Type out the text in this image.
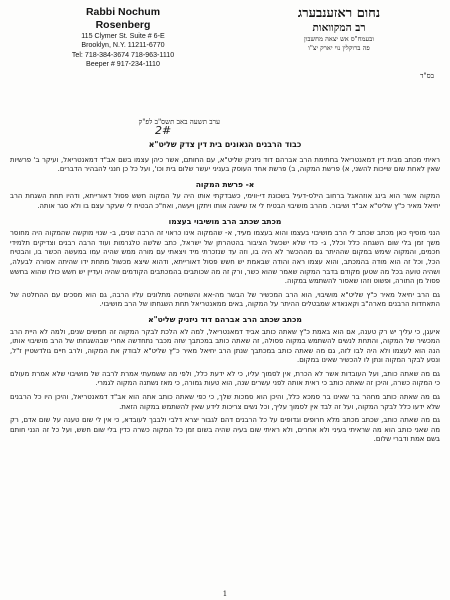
Rabbi Nochum Rosenberg
115 Clymer St. Suite # 6-E
Brooklyn, N.Y. 11211-6770
Tel: 718-384-3674 718-963-1110
Beeper # 917-234-1110
נחום ראזענבערג
רב המקוואות
ובעמח"ס אש יצאה מחשבון
פה ברוקלין נוי יארק יצ"ו
בס"ד
ערב תשעה באב תשס"ב לפ"ק
2#

כבוד הרבנים הגאונים בית דין צדק שליט"א

ראיתי מכתב מבית דין דמאנטריאל בחתימת הרב אברהם דוד ניזניק שליט"א, עם החותם, אשר כיהן עצמו בשם אב"ד דמאנטריאל, ועיקר ב' פרשיות שאין לאחת שום שייכות להשני, א) פרשת המקוה, ב) פרשת אחד העוסק בעניני יעשר שלום בית וכו', ועל כל כן חנני להבהיר הדברים.

א- פרשת המקוה

המקוה אשר הוא בינג אוזהאגל ברחוב הילס-דעיל בשכונת די-ווימי, כשבדקתי אותו היה על המקוה חשש פסול דאורייתא, ודהיו תחת השגחת הרב יחיאל מאיר כ"ץ שליט"א אב"ד ושיבור. מהרב מושיבוי הבטיח לי אז שישנה אותו ויתקן ויעשה, ואח"כ הבטיח לי שעקר עצם בו ולא סגר אותה.

מכתב שכתב הרב מושיבוי בעצמו

הנני מוסיף כאן מכתב שכתב לי הרב מושיבוי בעצמו והוא בעצמו מעיד, א- שהמקוה אינו כראוי זה הרבה שנים, ב- שנוי מוקשה שהמקוה היה מחוסר משך זמן בלי שום השגחה כלל וכלל, ג- כדי שלא ישכשל הציבור בהטהרתן של ישראל, כתב שלשה טלגרמות ועוד הרבה רבנים וצדיקים תלמידי חכמים, והמקוה שימש במקום שההיתר גם מההכשר לא היה בו, וזה עד שנזכרתי מיד ויצאתי עם מורה ממש שהיה עמו במעשה הכשר בו, והבטיח הכל, וכל זה הוא מודה בהמכתב, והוא עצמו ראה והודה שבאמת יש חשש פסול דאורייתא, ודהוא שיצא מכשול מתחת ידו שהיתה אסורה לבעלה, ושהיה טועה בכל מה שטען מקודם בדבר המקוה שאמר שהוא כשר, ורק זה מה שכותבים בהמכתבים הקודמים שהיה ועדיין יש חשש כולו שהוא בחשש פסול מן התורה, ופשוט וזהו שאסור להשתמש במקוה.

גם הרב יחיאל מאיר כ"ץ שליט"א מושיבוי, הוא הרב המכשיר של הבשר מה-אא והשחיטה מתלונים עליו הרבה, גם הוא מסכים עם ההחלטה של התאחדות הרבנים מארה"ב וקאנאדא שמבטלים ההיתר על המקוה, באים ממאנטריאל תחת השגחתו של הרב מושיבוי.

מכתב שכתב הרב אברהם דוד ניזניק שליט"א

איעגן, כי עליך יש רק טענה, אם הוא באמת כ"ץ שאתה כותב אביד דמאנטריאל, למה לא הלכת לבקר המקוה זה חמשים שנים, ולמה לא היית הרב המכשיר של המקוה, והתחת לנשים להשתמש במקוה פסולה, זה שאתה כותב במכתבך שזה מכבר נתחדשה אחרי שבהשגחתו של הרב מושיבוי אותו, הנה הוא לעצמו ולא היה לבו לזה, גם מה שאתה כותב במכתבך שנתן הרב יחיאל מאיר כ"ץ שליט"א לבודק את המקוה, ולרב חיים גולדשטיין ז"ל, ונסע לבקר המקוה ונתן לו להכשיר שאינו במקום.

גם מה שאתה כותב, ועל העובדות אשר לא הכרת, אין לסמוך עליו, כי לא ידעת כלל, ולפי מה ששמעתי אמרת לרבה של מושיבוי שלא אמרת מעולם כי המקוה כשרה, והיכן זה שאתה כותב כי ראית אותה לפני עשרים שנה, הוא טעות גמורה, כי מאז נשתנה המקוה לגמרי.

גם מה שאתה כותב מחהר בר שאינו בר סמכא כלל, והיכן הוא סמכות שלך, כי כפי שאתה כותב אתה הוא אב"ד דמאנטריאל, והיכן היו כל הרבנים שלא ידעו כלל לבקר המקוה, ועל זה לבד אין לסמוך עליך, וכל נשים צריכות לידע שאין להשתמש במקוה הזאת.

גם מה שאתה כותב, שכתב מכתב מלא חרופים וגדופים על כל הרבנים דהם לגבור יצרא דלבי ולבבך לעובדא, כי אין לי שום טענה על שום אדם, רק מה שאני כותב הוא מה שראיתי בעיני ולא אחרים, ולא ראיתי שום בעיה שהיה בשום זמן כל המקוה כשרה כדין בלי שום חשש, ועל כל זה הנני חותם בשם אמת ודברי שלום.

1
